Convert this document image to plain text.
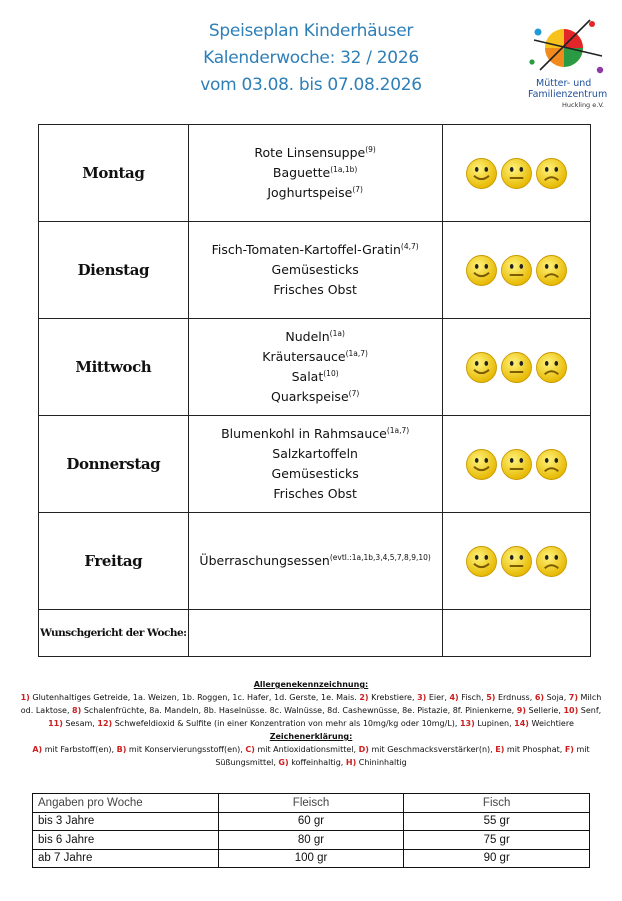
Speiseplan Kinderhäuser
Kalenderwoche: 32 / 2026
vom 03.08. bis 07.08.2026	Mütter- und
Familienzentrum
Huckling e.V.
Montag	Rote Linsensuppe$^{(9)}$
Baguette$^{(1a,1b)}$
Joghurtspeise$^{(7)}$

Dienstag	Fisch-Tomaten-Kartoffel-Gratin$^{(4,7)}$
Gemüsesticks
Frisches Obst

Mittwoch	Nudeln$^{(1a)}$
Kräutersauce$^{(1a,7)}$
Salat$^{(10)}$
Quarkspeise$^{(7)}$

Donnerstag	Blumenkohl in Rahmsauce$^{(1a,7)}$
Salzkartoffeln
Gemüsesticks
Frisches Obst

Freitag	Überraschungsessen$^{(evtl.:1a,1b,3,4,5,7,8,9,10)}$

Wunschgericht der Woche:		
Allergenekennzeichnung:
1) Glutenhaltiges Getreide, 1a. Weizen, 1b. Roggen, 1c. Hafer, 1d. Gerste, 1e. Mais. 2) Krebstiere, 3) Eier, 4) Fisch, 5) Erdnuss, 6) Soja, 7) Milch od. Laktose, 8) Schalenfrüchte, 8a. Mandeln, 8b. Haselnüsse. 8c. Walnüsse, 8d. Cashewnüsse, 8e. Pistazie, 8f. Pinienkerne, 9) Sellerie, 10) Senf, 11) Sesam, 12) Schwefeldioxid & Sulfite (in einer Konzentration von mehr als 10mg/kg oder 10mg/L), 13) Lupinen, 14) Weichtiere
Zeichenerklärung:
A) mit Farbstoff(en), B) mit Konservierungsstoff(en), C) mit Antioxidationsmittel, D) mit Geschmacksverstärker(n), E) mit Phosphat, F) mit Süßungsmittel, G) koffeinhaltig, H) Chininhaltig
Angaben pro Woche	Fleisch	Fisch
bis 3 Jahre	60 gr	55 gr
bis 6 Jahre	80 gr	75 gr
ab 7 Jahre	100 gr	90 gr
